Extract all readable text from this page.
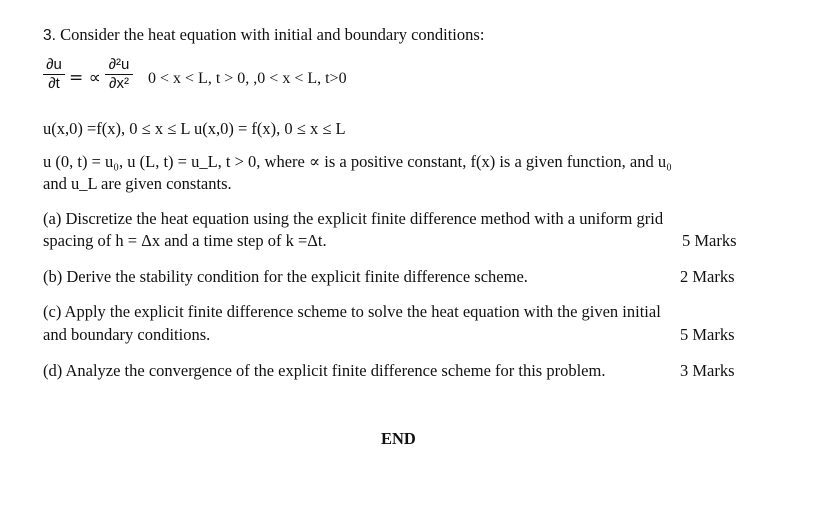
3. Consider the heat equation with initial and boundary conditions:
∂u
∂t = ∝
∂²u
∂x²	0 < x < L, t > 0, ,0 < x < L, t>0
u(x,0) =f(x), 0 ≤ x ≤ L u(x,0) = f(x), 0 ≤ x ≤ L
u (0, t) = u₀, u (L, t) = u_L, t > 0, where ∝ is a positive constant, f(x) is a given function, and u₀
and u_L are given constants.
(a) Discretize the heat equation using the explicit finite difference method with a uniform grid
spacing of h = Δx and a time step of k =Δt.	5 Marks
(b) Derive the stability condition for the explicit finite difference scheme.	2 Marks
(c) Apply the explicit finite difference scheme to solve the heat equation with the given initial
and boundary conditions.	5 Marks
(d) Analyze the convergence of the explicit finite difference scheme for this problem.	3 Marks
END
